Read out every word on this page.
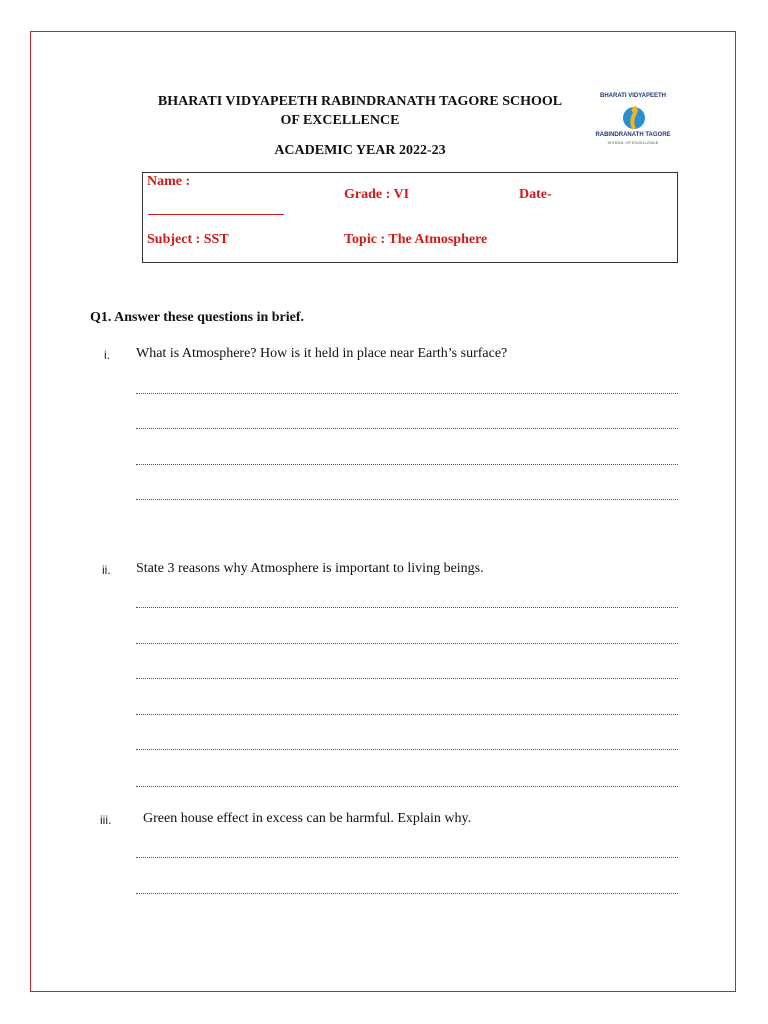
BHARATI VIDYAPEETH RABINDRANATH TAGORE SCHOOL
OF EXCELLENCE
ACADEMIC YEAR 2022-23
BHARATI VIDYAPEETH
RABINDRANATH TAGORE
SCHOOL OF EXCELLENCE
Name :
Grade : VI	Date-
Subject : SST	Topic : The Atmosphere
Q1. Answer these questions in brief.
i. What is Atmosphere? How is it held in place near Earth’s surface?
ii. State 3 reasons why Atmosphere is important to living beings.
iii. Green house effect in excess can be harmful. Explain why.
